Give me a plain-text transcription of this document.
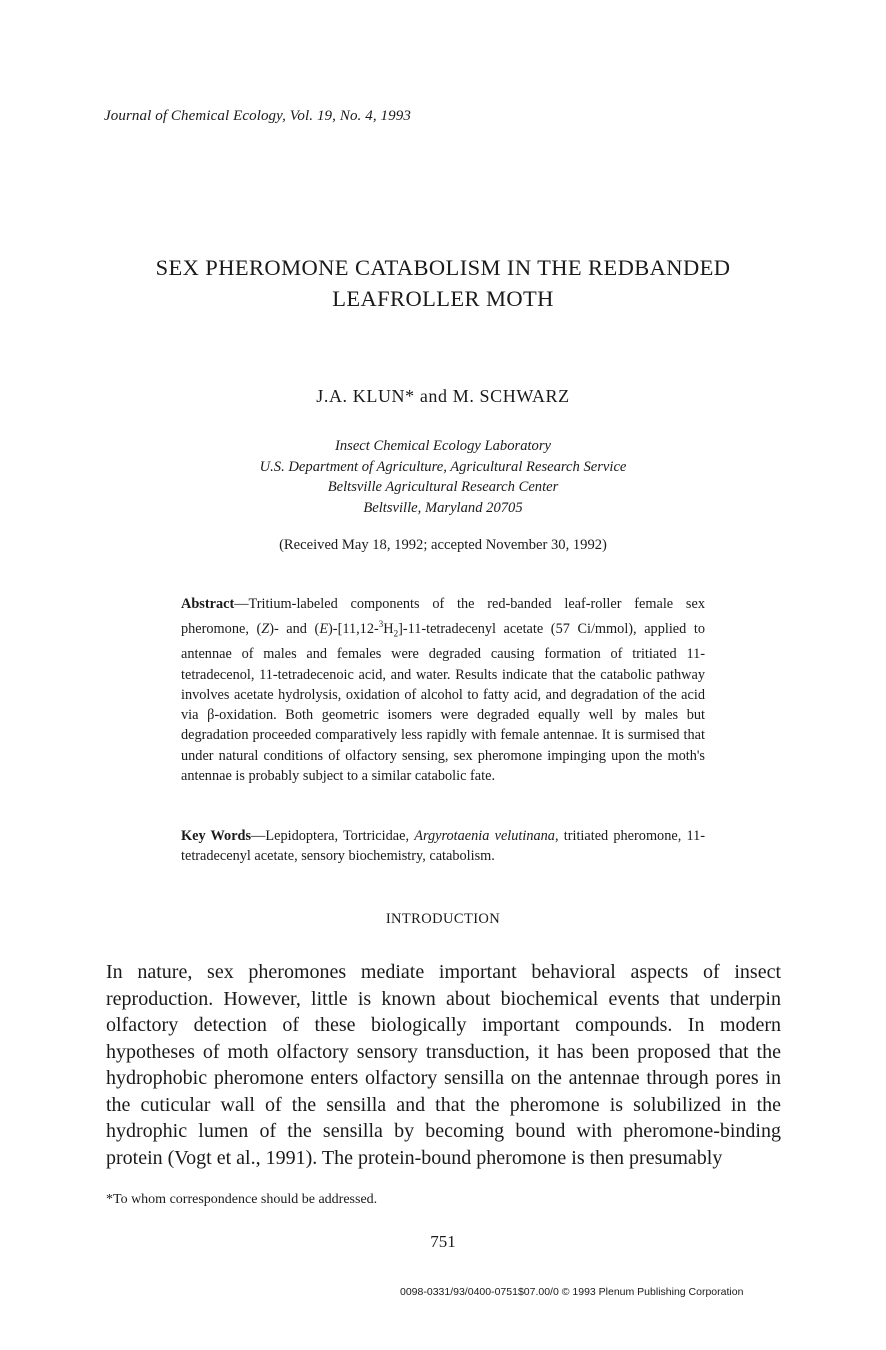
Journal of Chemical Ecology, Vol. 19, No. 4, 1993
SEX PHEROMONE CATABOLISM IN THE REDBANDED
LEAFROLLER MOTH
J.A. KLUN* and M. SCHWARZ
Insect Chemical Ecology Laboratory
U.S. Department of Agriculture, Agricultural Research Service
Beltsville Agricultural Research Center
Beltsville, Maryland 20705
(Received May 18, 1992; accepted November 30, 1992)
Abstract—Tritium-labeled components of the red-banded leaf-roller female sex pheromone, (Z)- and $(E)-[11,12-^3H_2]-11$-tetradecenyl acetate (57 Ci/mmol), applied to antennae of males and females were degraded causing formation of tritiated 11-tetradecenol, 11-tetradecenoic acid, and water. Results indicate that the catabolic pathway involves acetate hydrolysis, oxidation of alcohol to fatty acid, and degradation of the acid via β-oxidation. Both geometric isomers were degraded equally well by males but degradation proceeded comparatively less rapidly with female antennae. It is surmised that under natural conditions of olfactory sensing, sex pheromone impinging upon the moth's antennae is probably subject to a similar catabolic fate.
Key Words—Lepidoptera, Tortricidae, Argyrotaenia velutinana, tritiated pheromone, 11-tetradecenyl acetate, sensory biochemistry, catabolism.
INTRODUCTION
In nature, sex pheromones mediate important behavioral aspects of insect reproduction. However, little is known about biochemical events that underpin olfactory detection of these biologically important compounds. In modern hypotheses of moth olfactory sensory transduction, it has been proposed that the hydrophobic pheromone enters olfactory sensilla on the antennae through pores in the cuticular wall of the sensilla and that the pheromone is solubilized in the hydrophic lumen of the sensilla by becoming bound with pheromone-binding protein (Vogt et al., 1991). The protein-bound pheromone is then presumably
*To whom correspondence should be addressed.
751
0098-0331/93/0400-0751$07.00/0 © 1993 Plenum Publishing Corporation
